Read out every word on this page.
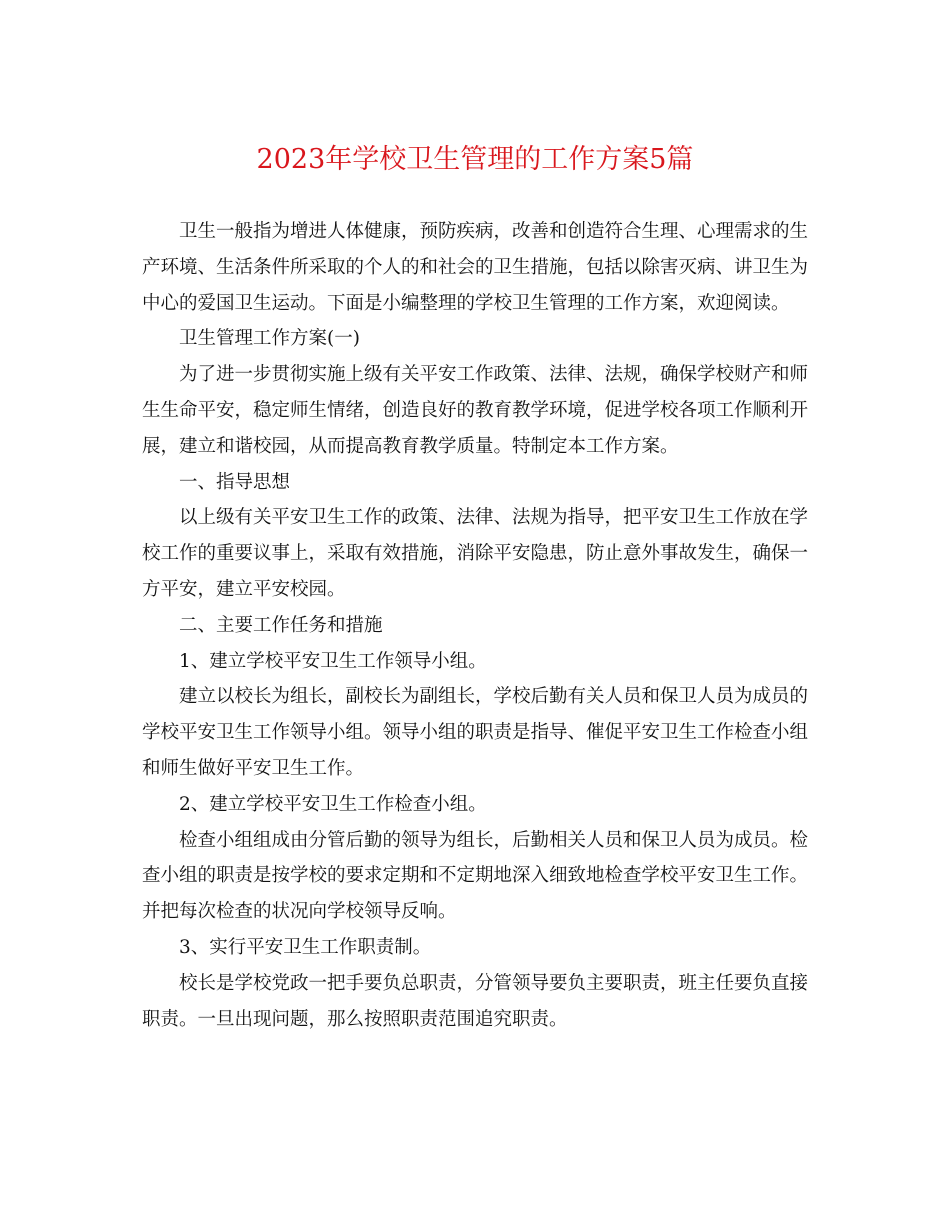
2023年学校卫生管理的工作方案5篇

卫生一般指为增进人体健康，预防疾病，改善和创造符合生理、心理需求的生产环境、生活条件所采取的个人的和社会的卫生措施，包括以除害灭病、讲卫生为中心的爱国卫生运动。下面是小编整理的学校卫生管理的工作方案，欢迎阅读。

卫生管理工作方案(一)

为了进一步贯彻实施上级有关平安工作政策、法律、法规，确保学校财产和师生生命平安，稳定师生情绪，创造良好的教育教学环境，促进学校各项工作顺利开展，建立和谐校园，从而提高教育教学质量。特制定本工作方案。

一、指导思想

以上级有关平安卫生工作的政策、法律、法规为指导，把平安卫生工作放在学校工作的重要议事上，采取有效措施，消除平安隐患，防止意外事故发生，确保一方平安，建立平安校园。

二、主要工作任务和措施

1、建立学校平安卫生工作领导小组。

建立以校长为组长，副校长为副组长，学校后勤有关人员和保卫人员为成员的学校平安卫生工作领导小组。领导小组的职责是指导、催促平安卫生工作检查小组和师生做好平安卫生工作。

2、建立学校平安卫生工作检查小组。

检查小组组成由分管后勤的领导为组长，后勤相关人员和保卫人员为成员。检查小组的职责是按学校的要求定期和不定期地深入细致地检查学校平安卫生工作。并把每次检查的状况向学校领导反响。

3、实行平安卫生工作职责制。

校长是学校党政一把手要负总职责，分管领导要负主要职责，班主任要负直接职责。一旦出现问题，那么按照职责范围追究职责。
